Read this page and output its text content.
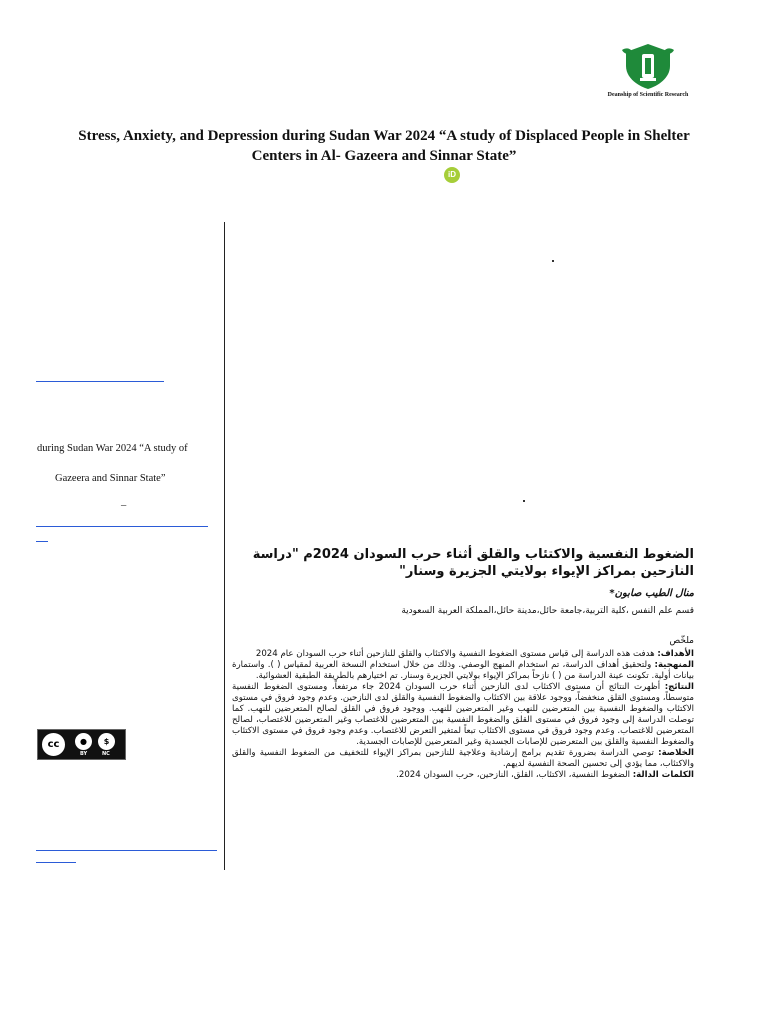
Deanship of Scientific Research
Stress, Anxiety, and Depression during Sudan War 2024 “A study of Displaced People in Shelter Centers in Al- Gazeera and Sinnar State”
iD
during Sudan War 2024 “A study of
Gazeera and Sinnar State”
–
cc	●	$
BY	NC
الضغوط النفسية والاكتئاب والقلق أثناء حرب السودان 2024م "دراسة النازحين بمراكز الإيواء بولايتي الجزيرة وسنار"
منال الطيب صابون*
قسم علم النفس ،كلية التربية،جامعة حائل،مدينة حائل،المملكة العربية السعودية
ملخّص

الأهداف: هدفت هذه الدراسة إلى قياس مستوى الضغوط النفسية والاكتئاب والقلق للنازحين أثناء حرب السودان عام 2024

المنهجية: ولتحقيق أهداف الدراسة، تم استخدام المنهج الوصفي. وذلك من خلال استخدام النسخة العربية لمقياس ( ). واستمارة بيانات أولية. تكونت عينة الدراسة من ( ) نازحاً بمراكز الإيواء بولايتي الجزيرة وسنار. تم اختيارهم بالطريقة الطبقية العشوائية.

النتائج: أظهرت النتائج أن مستوى الاكتئاب لدى النازحين أثناء حرب السودان 2024 جاء مرتفعاً، ومستوى الضغوط النفسية متوسطاً، ومستوى القلق منخفضاً، ووجود علاقة بين الاكتئاب والضغوط النفسية والقلق لدى النازحين. وعدم وجود فروق في مستوى الاكتئاب والضغوط النفسية بين المتعرضين للنهب وغير المتعرضين للنهب. ووجود فروق في القلق لصالح المتعرضين للنهب. كما توصلت الدراسة إلى وجود فروق في مستوى القلق والضغوط النفسية بين المتعرضين للاغتصاب وغير المتعرضين للاغتصاب، لصالح المتعرضين للاغتصاب. وعدم وجود فروق في مستوى الاكتئاب تبعاً لمتغير التعرض للاغتصاب. وعدم وجود فروق في مستوى الاكتئاب والضغوط النفسية والقلق بين المتعرضين للإصابات الجسدية وغير المتعرضين للإصابات الجسدية.

الخلاصة: توصي الدراسة بضرورة تقديم برامج إرشادية وعلاجية للنازحين بمراكز الإيواء للتخفيف من الضغوط النفسية والقلق والاكتئاب، مما يؤدي إلى تحسين الصحة النفسية لديهم.

الكلمات الدالة: الضغوط النفسية، الاكتئاب، القلق، النازحين، حرب السودان 2024.
